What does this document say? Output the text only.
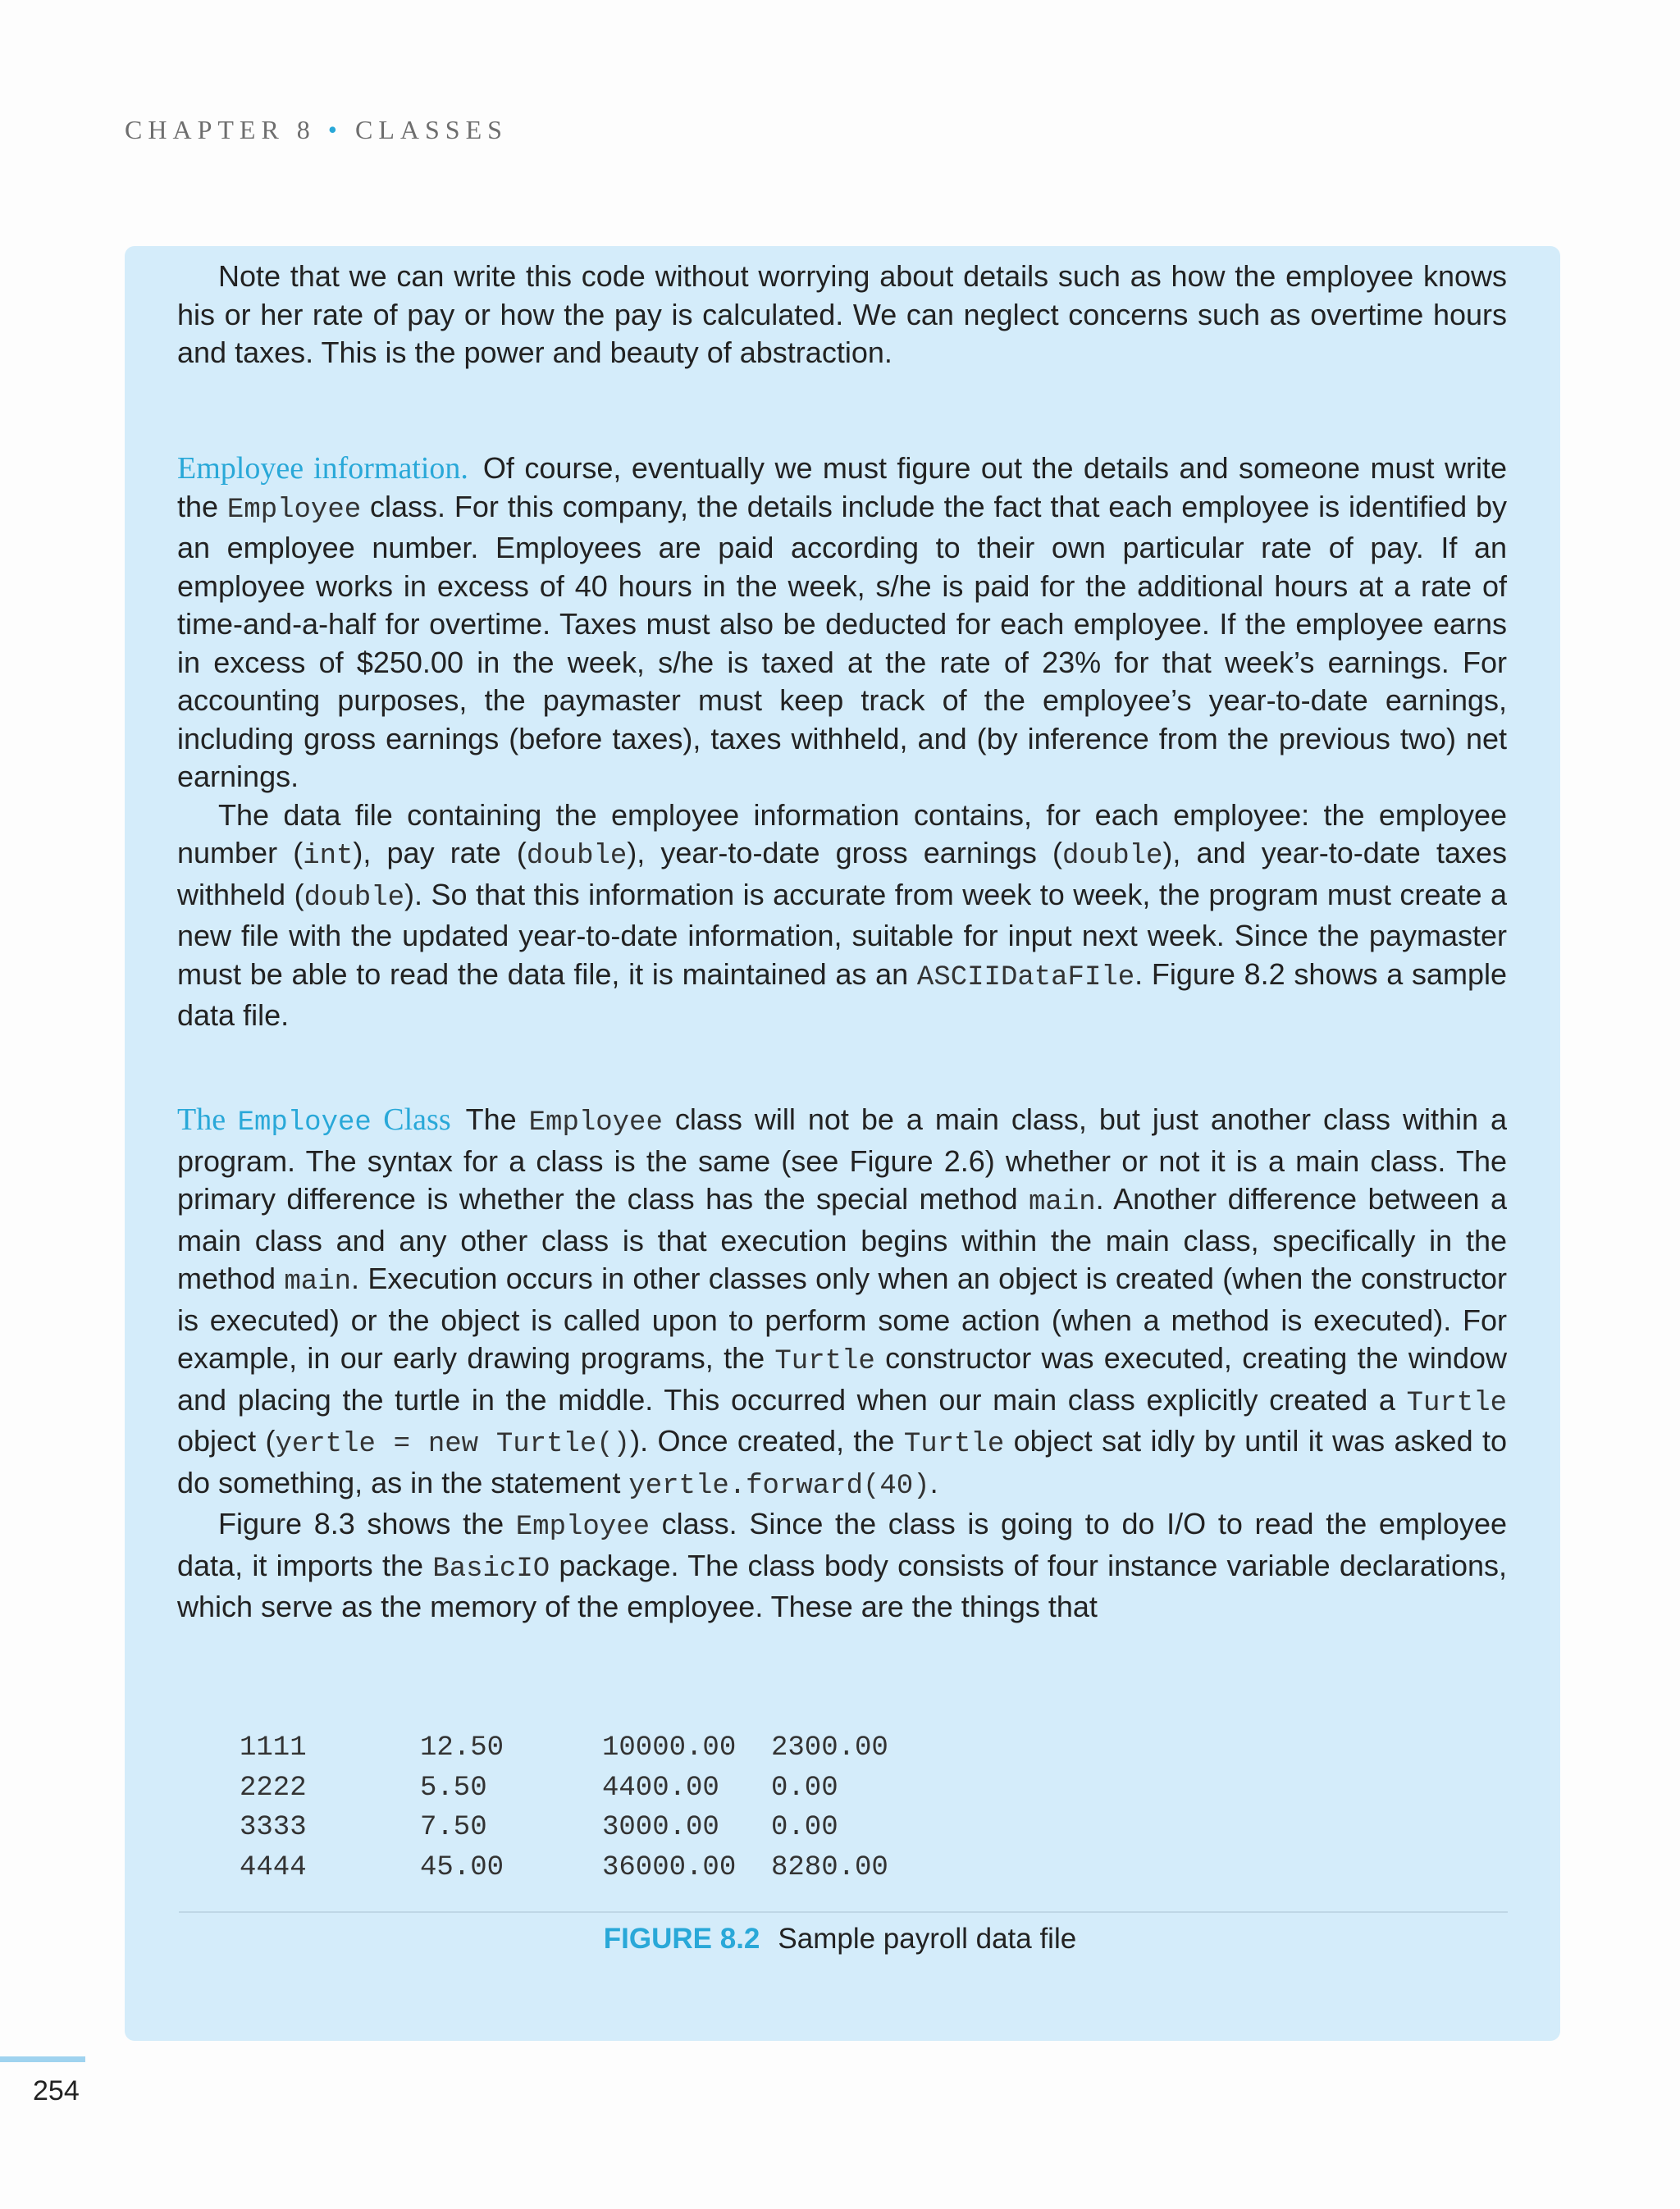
CHAPTER 8 • CLASSES

Note that we can write this code without worrying about details such as how the employee knows his or her rate of pay or how the pay is calculated. We can neglect concerns such as overtime hours and taxes. This is the power and beauty of abstraction.

Employee information. Of course, eventually we must figure out the details and someone must write the Employee class. For this company, the details include the fact that each employee is identified by an employee number. Employees are paid according to their own particular rate of pay. If an employee works in excess of 40 hours in the week, s/he is paid for the additional hours at a rate of time-and-a-half for overtime. Taxes must also be deducted for each employee. If the employee earns in excess of $250.00 in the week, s/he is taxed at the rate of 23% for that week’s earnings. For accounting purposes, the paymaster must keep track of the employee’s year-to-date earnings, including gross earnings (before taxes), taxes withheld, and (by inference from the previous two) net earnings.

The data file containing the employee information contains, for each employee: the employee number (int), pay rate (double), year-to-date gross earnings (double), and year-to-date taxes withheld (double). So that this information is accurate from week to week, the program must create a new file with the updated year-to-date information, suitable for input next week. Since the paymaster must be able to read the data file, it is maintained as an ASCIIDataFIle. Figure 8.2 shows a sample data file.

The Employee Class The Employee class will not be a main class, but just another class within a program. The syntax for a class is the same (see Figure 2.6) whether or not it is a main class. The primary difference is whether the class has the special method main. Another difference between a main class and any other class is that execution begins within the main class, specifically in the method main. Execution occurs in other classes only when an object is created (when the constructor is executed) or the object is called upon to perform some action (when a method is executed). For example, in our early drawing programs, the Turtle constructor was executed, creating the window and placing the turtle in the middle. This occurred when our main class explicitly created a Turtle object (yertle = new Turtle()). Once created, the Turtle object sat idly by until it was asked to do something, as in the statement yertle.forward(40).

Figure 8.3 shows the Employee class. Since the class is going to do I/O to read the employee data, it imports the BasicIO package. The class body consists of four instance variable declarations, which serve as the memory of the employee. These are the things that

1111	12.50	10000.00 2300.00
2222	5.50	4400.00 0.00
3333	7.50	3000.00 0.00
4444	45.00	36000.00 8280.00
FIGURE 8.2 Sample payroll data file
254
